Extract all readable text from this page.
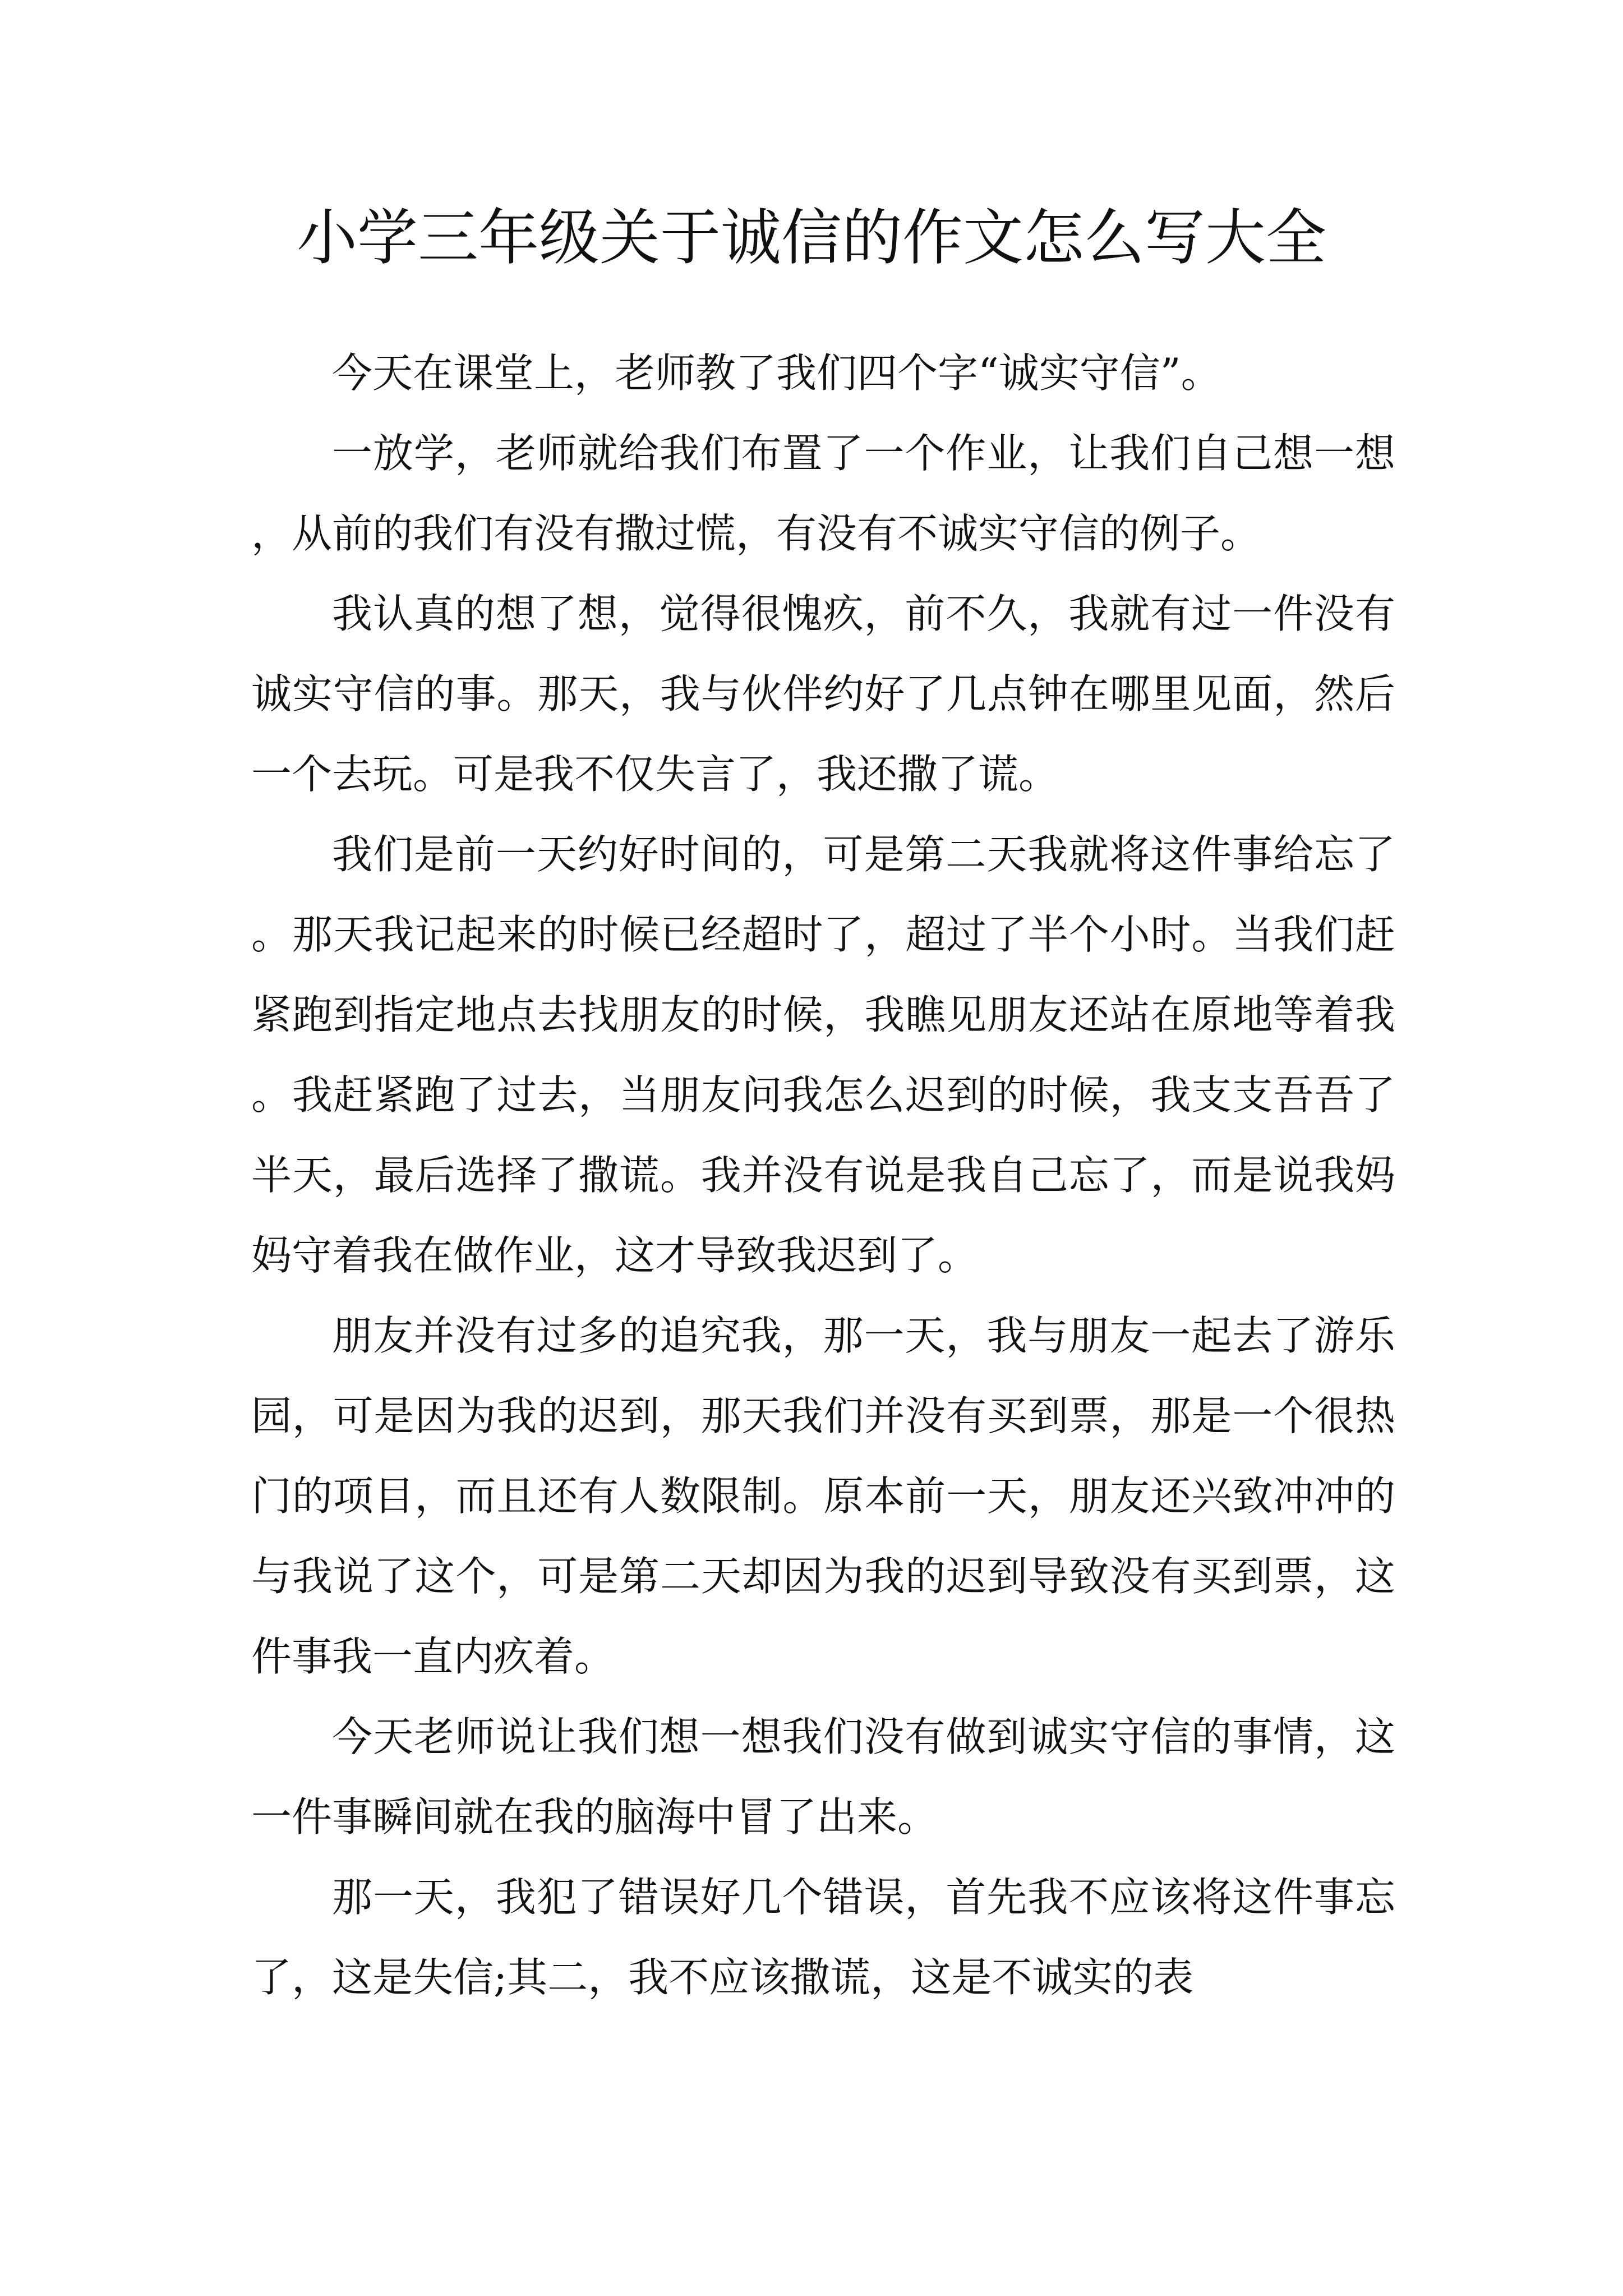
小学三年级关于诚信的作文怎么写大全

今天在课堂上，老师教了我们四个字“诚实守信”。

一放学，老师就给我们布置了一个作业，让我们自己想一想，从前的我们有没有撒过慌，有没有不诚实守信的例子。

我认真的想了想，觉得很愧疚，前不久，我就有过一件没有诚实守信的事。那天，我与伙伴约好了几点钟在哪里见面，然后一个去玩。可是我不仅失言了，我还撒了谎。

我们是前一天约好时间的，可是第二天我就将这件事给忘了。那天我记起来的时候已经超时了，超过了半个小时。当我们赶紧跑到指定地点去找朋友的时候，我瞧见朋友还站在原地等着我。我赶紧跑了过去，当朋友问我怎么迟到的时候，我支支吾吾了半天，最后选择了撒谎。我并没有说是我自己忘了，而是说我妈妈守着我在做作业，这才导致我迟到了。

朋友并没有过多的追究我，那一天，我与朋友一起去了游乐园，可是因为我的迟到，那天我们并没有买到票，那是一个很热门的项目，而且还有人数限制。原本前一天，朋友还兴致冲冲的与我说了这个，可是第二天却因为我的迟到导致没有买到票，这件事我一直内疚着。

今天老师说让我们想一想我们没有做到诚实守信的事情，这一件事瞬间就在我的脑海中冒了出来。

那一天，我犯了错误好几个错误，首先我不应该将这件事忘了，这是失信;其二，我不应该撒谎，这是不诚实的表
